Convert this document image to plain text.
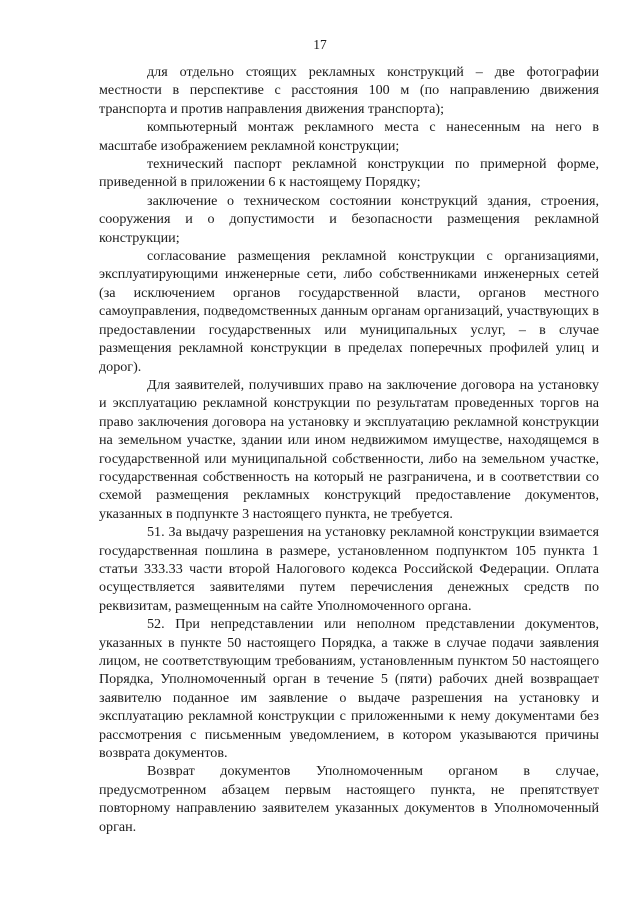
17

для отдельно стоящих рекламных конструкций – две фотографии местности в перспективе с расстояния 100 м (по направлению движения транспорта и против направления движения транспорта);

компьютерный монтаж рекламного места с нанесенным на него в масштабе изображением рекламной конструкции;

технический паспорт рекламной конструкции по примерной форме, приведенной в приложении 6 к настоящему Порядку;

заключение о техническом состоянии конструкций здания, строения, сооружения и о допустимости и безопасности размещения рекламной конструкции;

согласование размещения рекламной конструкции с организациями, эксплуатирующими инженерные сети, либо собственниками инженерных сетей (за исключением органов государственной власти, органов местного самоуправления, подведомственных данным органам организаций, участвующих в предоставлении государственных или муниципальных услуг, – в случае размещения рекламной конструкции в пределах поперечных профилей улиц и дорог).

Для заявителей, получивших право на заключение договора на установку и эксплуатацию рекламной конструкции по результатам проведенных торгов на право заключения договора на установку и эксплуатацию рекламной конструкции на земельном участке, здании или ином недвижимом имуществе, находящемся в государственной или муниципальной собственности, либо на земельном участке, государственная собственность на который не разграничена, и в соответствии со схемой размещения рекламных конструкций предоставление документов, указанных в подпункте 3 настоящего пункта, не требуется.

51. За выдачу разрешения на установку рекламной конструкции взимается государственная пошлина в размере, установленном подпунктом 105 пункта 1 статьи 333.33 части второй Налогового кодекса Российской Федерации. Оплата осуществляется заявителями путем перечисления денежных средств по реквизитам, размещенным на сайте Уполномоченного органа.

52. При непредставлении или неполном представлении документов, указанных в пункте 50 настоящего Порядка, а также в случае подачи заявления лицом, не соответствующим требованиям, установленным пунктом 50 настоящего Порядка, Уполномоченный орган в течение 5 (пяти) рабочих дней возвращает заявителю поданное им заявление о выдаче разрешения на установку и эксплуатацию рекламной конструкции с приложенными к нему документами без рассмотрения с письменным уведомлением, в котором указываются причины возврата документов.

Возврат документов Уполномоченным органом в случае, предусмотренном абзацем первым настоящего пункта, не препятствует повторному направлению заявителем указанных документов в Уполномоченный орган.
